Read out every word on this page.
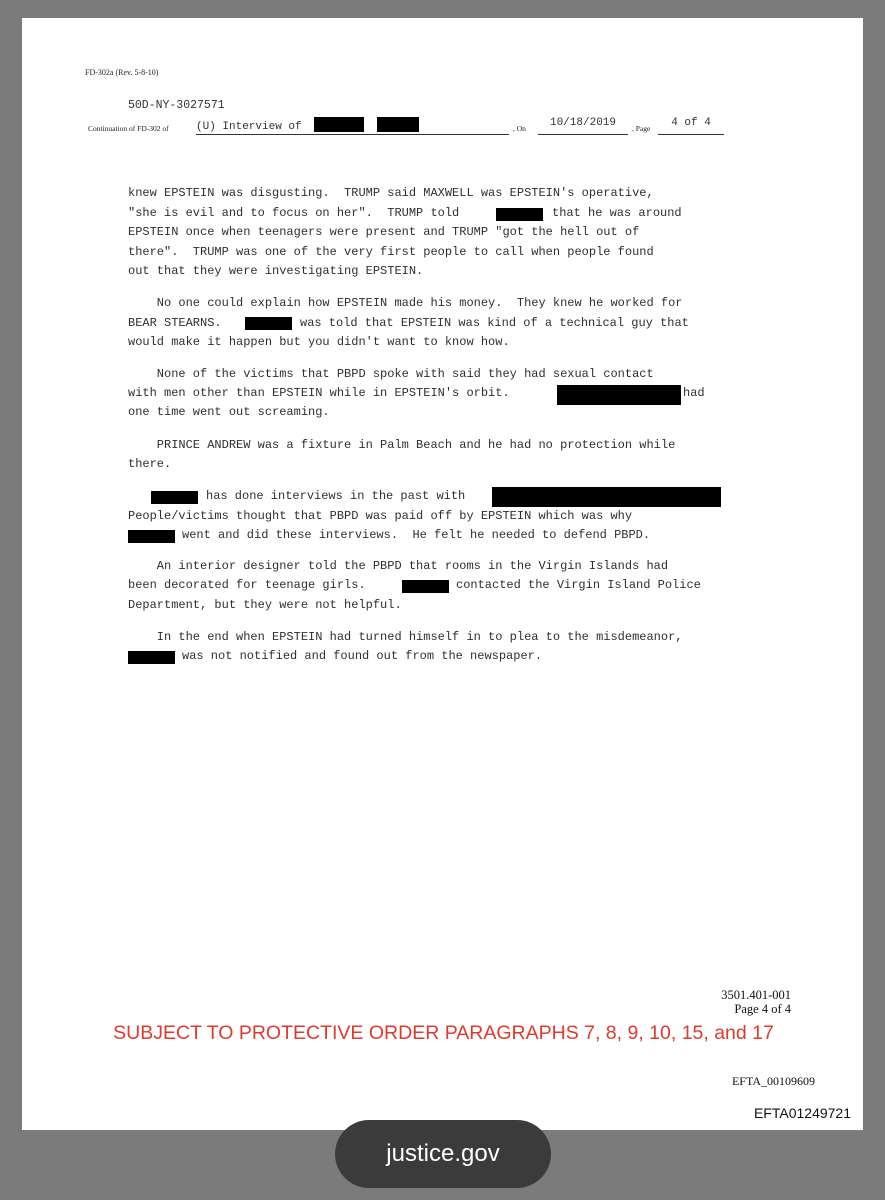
FD-302a (Rev. 5-8-10)
50D-NY-3027571
Continuation of FD-302 of (U) Interview of	, On	10/18/2019	, Page	4 of 4
knew EPSTEIN was disgusting.  TRUMP said MAXWELL was EPSTEIN's operative,
"she is evil and to focus on her".  TRUMP told	that he was around
EPSTEIN once when teenagers were present and TRUMP "got the hell out of
there".  TRUMP was one of the very first people to call when people found
out that they were investigating EPSTEIN.
No one could explain how EPSTEIN made his money.  They knew he worked for
BEAR STEARNS.	was told that EPSTEIN was kind of a technical guy that
would make it happen but you didn't want to know how.
None of the victims that PBPD spoke with said they had sexual contact
with men other than EPSTEIN while in EPSTEIN's orbit.	had
one time went out screaming.
PRINCE ANDREW was a fixture in Palm Beach and he had no protection while
there.
has done interviews in the past with
People/victims thought that PBPD was paid off by EPSTEIN which was why
went and did these interviews.  He felt he needed to defend PBPD.
An interior designer told the PBPD that rooms in the Virgin Islands had
been decorated for teenage girls.	contacted the Virgin Island Police
Department, but they were not helpful.
In the end when EPSTEIN had turned himself in to plea to the misdemeanor,
was not notified and found out from the newspaper.
3501.401-001
Page 4 of 4
SUBJECT TO PROTECTIVE ORDER PARAGRAPHS 7, 8, 9, 10, 15, and 17
EFTA_00109609
EFTA01249721
justice.gov
